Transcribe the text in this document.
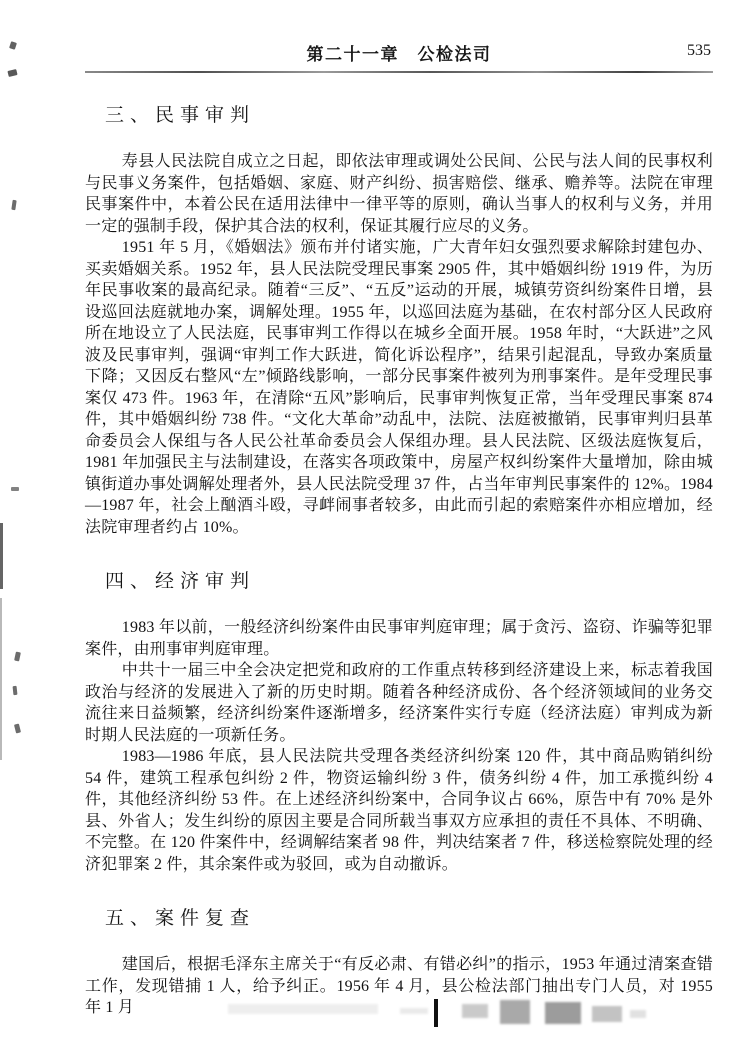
第二十一章　公检法司	535
三、民事审判

寿县人民法院自成立之日起，即依法审理或调处公民间、公民与法人间的民事权利与民事义务案件，包括婚姻、家庭、财产纠纷、损害赔偿、继承、赡养等。法院在审理民事案件中，本着公民在适用法律中一律平等的原则，确认当事人的权利与义务，并用一定的强制手段，保护其合法的权利，保证其履行应尽的义务。

1951 年 5 月，《婚姻法》颁布并付诸实施，广大青年妇女强烈要求解除封建包办、买卖婚姻关系。1952 年，县人民法院受理民事案 2905 件，其中婚姻纠纷 1919 件，为历年民事收案的最高纪录。随着“三反”、“五反”运动的开展，城镇劳资纠纷案件日增，县设巡回法庭就地办案，调解处理。1955 年，以巡回法庭为基础，在农村部分区人民政府所在地设立了人民法庭，民事审判工作得以在城乡全面开展。1958 年时，“大跃进”之风波及民事审判，强调“审判工作大跃进，简化诉讼程序”，结果引起混乱，导致办案质量下降；又因反右整风“左”倾路线影响，一部分民事案件被列为刑事案件。是年受理民事案仅 473 件。1963 年，在清除“五风”影响后，民事审判恢复正常，当年受理民事案 874 件，其中婚姻纠纷 738 件。“文化大革命”动乱中，法院、法庭被撤销，民事审判归县革命委员会人保组与各人民公社革命委员会人保组办理。县人民法院、区级法庭恢复后，1981 年加强民主与法制建设，在落实各项政策中，房屋产权纠纷案件大量增加，除由城镇街道办事处调解处理者外，县人民法院受理 37 件，占当年审判民事案件的 12%。1984—1987 年，社会上酗酒斗殴，寻衅闹事者较多，由此而引起的索赔案件亦相应增加，经法院审理者约占 10%。

四、经济审判

1983 年以前，一般经济纠纷案件由民事审判庭审理；属于贪污、盗窃、诈骗等犯罪案件，由刑事审判庭审理。

中共十一届三中全会决定把党和政府的工作重点转移到经济建设上来，标志着我国政治与经济的发展进入了新的历史时期。随着各种经济成份、各个经济领域间的业务交流往来日益频繁，经济纠纷案件逐渐增多，经济案件实行专庭（经济法庭）审判成为新时期人民法庭的一项新任务。

1983—1986 年底，县人民法院共受理各类经济纠纷案 120 件，其中商品购销纠纷 54 件，建筑工程承包纠纷 2 件，物资运输纠纷 3 件，债务纠纷 4 件，加工承揽纠纷 4 件，其他经济纠纷 53 件。在上述经济纠纷案中，合同争议占 66%，原告中有 70% 是外县、外省人；发生纠纷的原因主要是合同所载当事双方应承担的责任不具体、不明确、不完整。在 120 件案件中，经调解结案者 98 件，判决结案者 7 件，移送检察院处理的经济犯罪案 2 件，其余案件或为驳回，或为自动撤诉。

五、案件复查

建国后，根据毛泽东主席关于“有反必肃、有错必纠”的指示，1953 年通过清案查错工作，发现错捕 1 人，给予纠正。1956 年 4 月，县公检法部门抽出专门人员，对 1955 年 1 月
